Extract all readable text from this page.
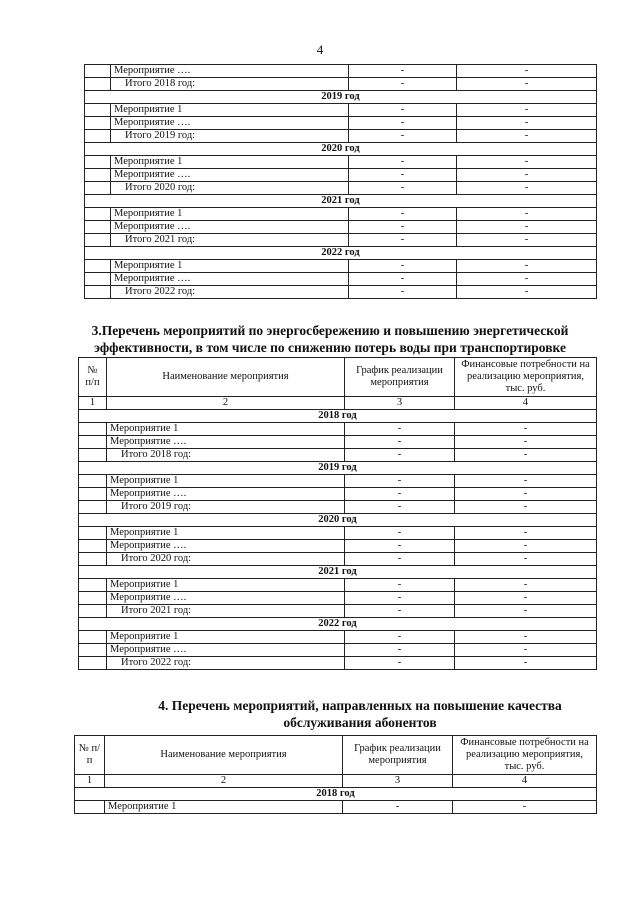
4
	Мероприятие ….	-	-
	Итого 2018 год:	-	-
2019 год			
	Мероприятие 1	-	-
	Мероприятие ….	-	-
	Итого 2019 год:	-	-
2020 год			
	Мероприятие 1	-	-
	Мероприятие ….	-	-
	Итого 2020 год:	-	-
2021 год			
	Мероприятие 1	-	-
	Мероприятие ….	-	-
	Итого 2021 год:	-	-
2022 год			
	Мероприятие 1	-	-
	Мероприятие ….	-	-
	Итого 2022 год:	-	-
3.Перечень мероприятий по энергосбережению и повышению энергетической
эффективности, в том числе по снижению потерь воды при транспортировке
№ п/п	Наименование мероприятия	График реализации мероприятия	Финансовые потребности на реализацию мероприятия, тыс. руб.
1	2	3	4
2018 год			
	Мероприятие 1	-	-
	Мероприятие ….	-	-
	Итого 2018 год:	-	-
2019 год			
	Мероприятие 1	-	-
	Мероприятие ….	-	-
	Итого 2019 год:	-	-
2020 год			
	Мероприятие 1	-	-
	Мероприятие ….	-	-
	Итого 2020 год:	-	-
2021 год			
	Мероприятие 1	-	-
	Мероприятие ….	-	-
	Итого 2021 год:	-	-
2022 год			
	Мероприятие 1	-	-
	Мероприятие ….	-	-
	Итого 2022 год:	-	-
4. Перечень мероприятий, направленных на повышение качества
обслуживания абонентов
№ п/п	Наименование мероприятия	График реализации мероприятия	Финансовые потребности на реализацию мероприятия, тыс. руб.
1	2	3	4
2018 год			
	Мероприятие 1	-	-
